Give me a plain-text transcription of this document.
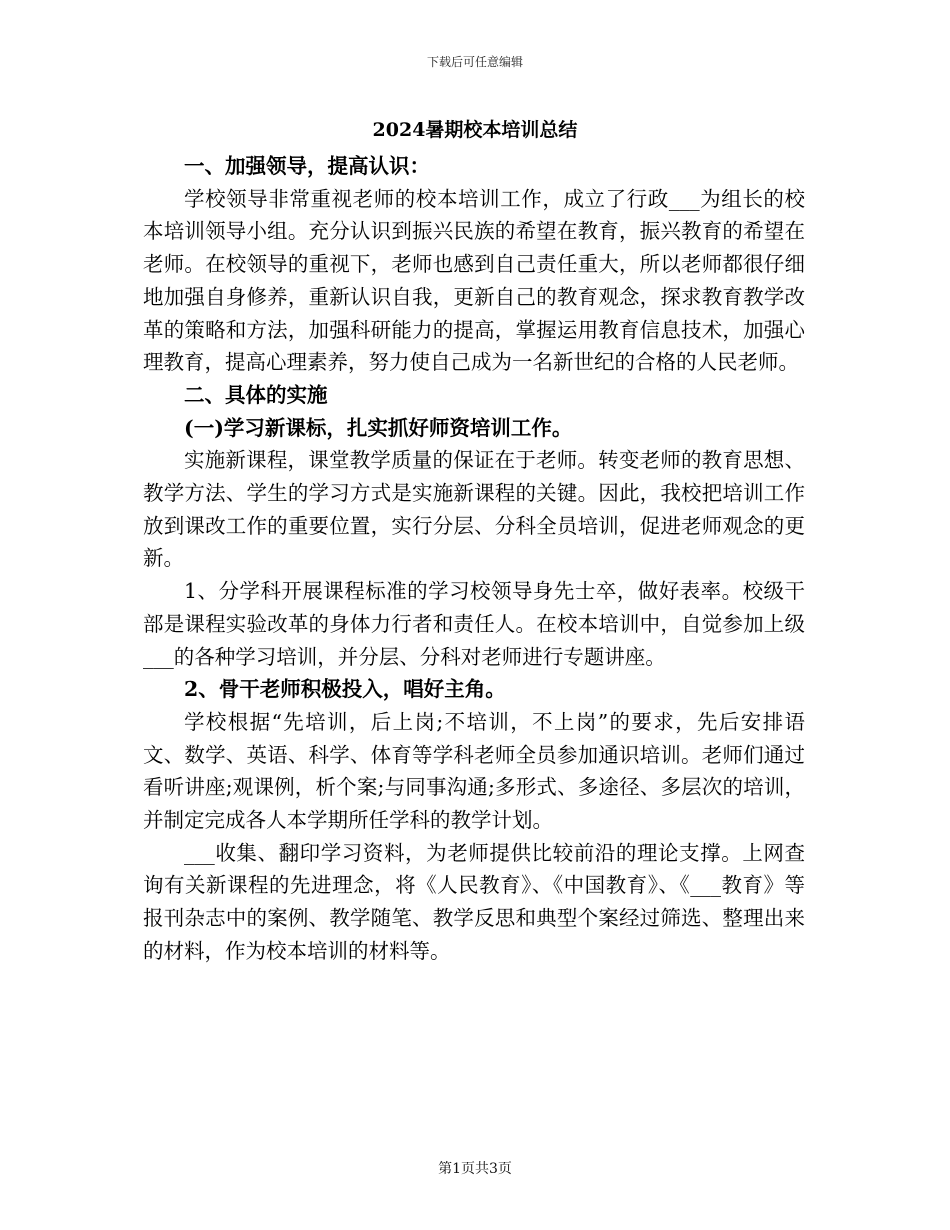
下载后可任意编辑
2024暑期校本培训总结

一、加强领导，提高认识：

学校领导非常重视老师的校本培训工作，成立了行政___为组长的校本培训领导小组。充分认识到振兴民族的希望在教育，振兴教育的希望在老师。在校领导的重视下，老师也感到自己责任重大，所以老师都很仔细地加强自身修养，重新认识自我，更新自己的教育观念，探求教育教学改革的策略和方法，加强科研能力的提高，掌握运用教育信息技术，加强心理教育，提高心理素养，努力使自己成为一名新世纪的合格的人民老师。

二、具体的实施

(一)学习新课标，扎实抓好师资培训工作。

实施新课程，课堂教学质量的保证在于老师。转变老师的教育思想、教学方法、学生的学习方式是实施新课程的关键。因此，我校把培训工作放到课改工作的重要位置，实行分层、分科全员培训，促进老师观念的更新。

1、分学科开展课程标准的学习校领导身先士卒，做好表率。校级干部是课程实验改革的身体力行者和责任人。在校本培训中，自觉参加上级___的各种学习培训，并分层、分科对老师进行专题讲座。

2、骨干老师积极投入，唱好主角。

学校根据“先培训，后上岗;不培训，不上岗”的要求，先后安排语文、数学、英语、科学、体育等学科老师全员参加通识培训。老师们通过看听讲座;观课例，析个案;与同事沟通;多形式、多途径、多层次的培训，并制定完成各人本学期所任学科的教学计划。

___收集、翻印学习资料，为老师提供比较前沿的理论支撑。上网查询有关新课程的先进理念，将《人民教育》、《中国教育》、《___教育》等报刊杂志中的案例、教学随笔、教学反思和典型个案经过筛选、整理出来的材料，作为校本培训的材料等。

第1页共3页
